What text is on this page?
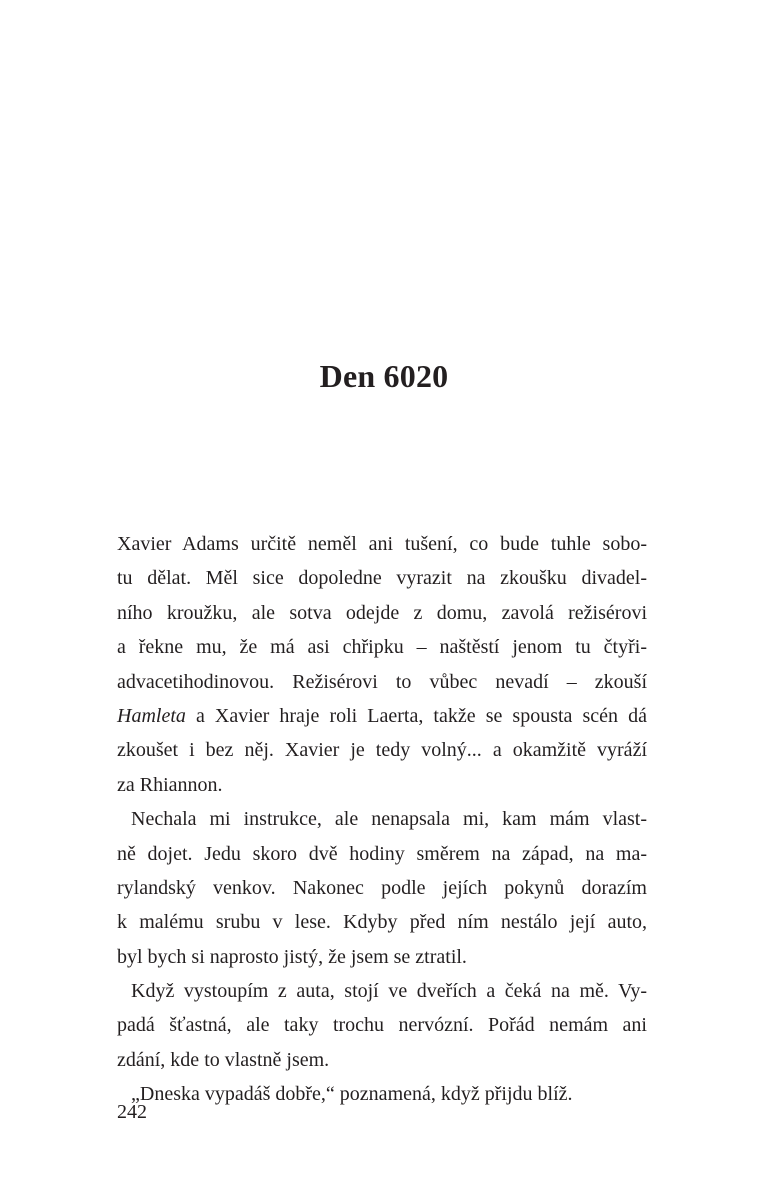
Den 6020
Xavier Adams určitě neměl ani tušení, co bude tuhle sobo-
tu dělat. Měl sice dopoledne vyrazit na zkoušku divadel-
ního kroužku, ale sotva odejde z domu, zavolá režisérovi
a řekne mu, že má asi chřipku – naštěstí jenom tu čtyři-
advacetihodinovou. Režisérovi to vůbec nevadí – zkouší
Hamleta a Xavier hraje roli Laerta, takže se spousta scén dá
zkoušet i bez něj. Xavier je tedy volný... a okamžitě vyráží
za Rhiannon.
Nechala mi instrukce, ale nenapsala mi, kam mám vlast-
ně dojet. Jedu skoro dvě hodiny směrem na západ, na ma-
rylandský venkov. Nakonec podle jejích pokynů dorazím
k malému srubu v lese. Kdyby před ním nestálo její auto,
byl bych si naprosto jistý, že jsem se ztratil.
Když vystoupím z auta, stojí ve dveřích a čeká na mě. Vy-
padá šťastná, ale taky trochu nervózní. Pořád nemám ani
zdání, kde to vlastně jsem.
„Dneska vypadáš dobře,“ poznamená, když přijdu blíž.
242
